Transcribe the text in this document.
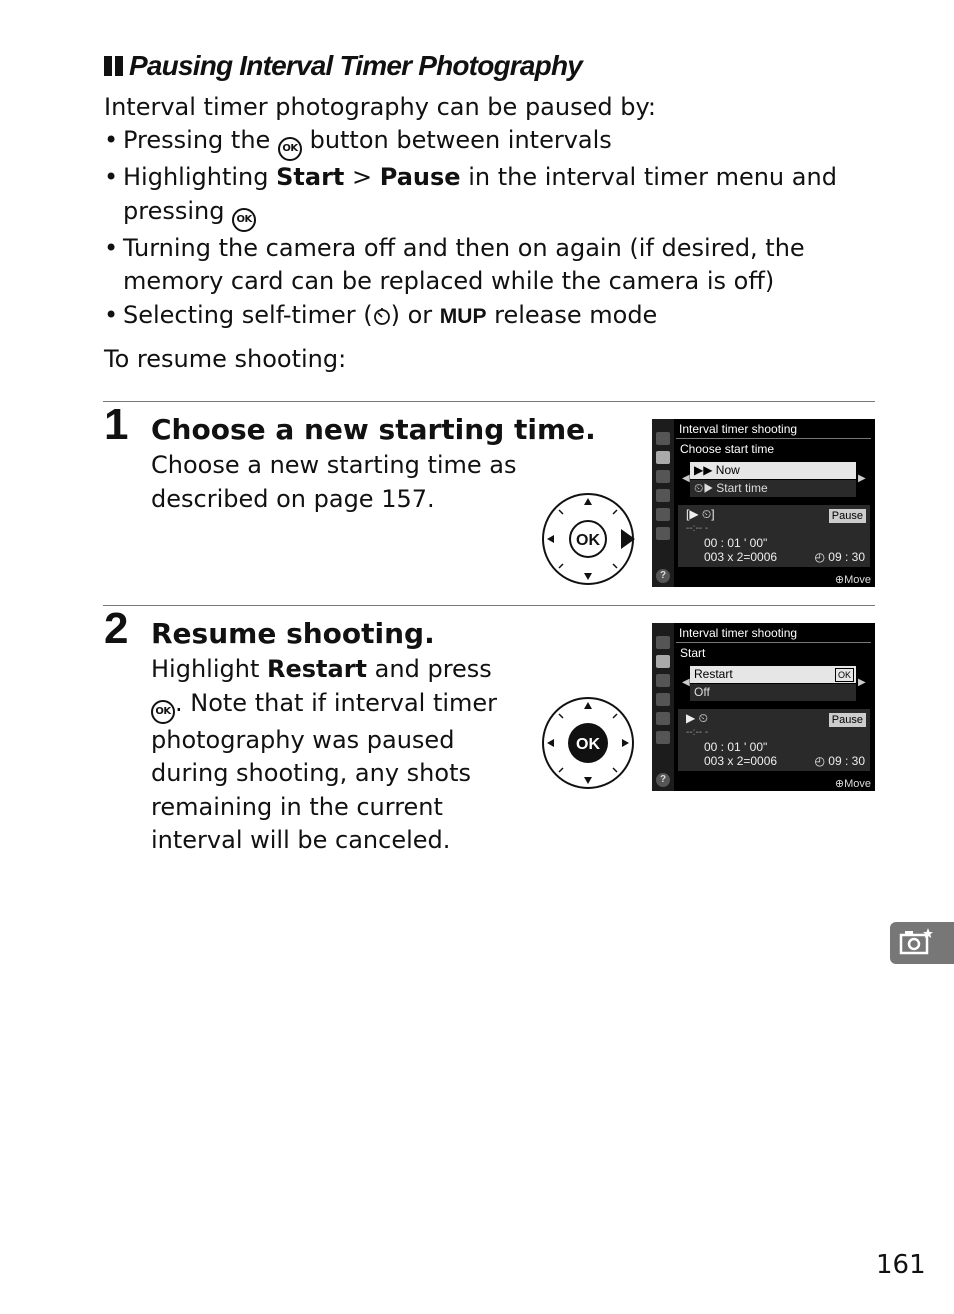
Pausing Interval Timer Photography
Interval timer photography can be paused by:
• Pressing the OK button between intervals
• Highlighting Start > Pause in the interval timer menu and pressing OK
• Turning the camera off and then on again (if desired, the memory card can be replaced while the camera is off)
• Selecting self-timer ( ) or MUP release mode
To resume shooting:
1 Choose a new starting time.
Choose a new starting time as described on page 157.
OK
?
Interval timer shooting
Choose start time
◀	▶
▶▶ Now
⏲▶ Start time
[▶ ⏲]	Pause
--:-- -
00 : 01 ' 00"
003 x 2=0006	◴ 09 : 30
⊕Move
2 Resume shooting.
Highlight Restart and press OK . Note that if interval timer photography was paused during shooting, any shots remaining in the current interval will be canceled.
OK
?
Interval timer shooting
Start
◀	▶
Restart	OK
Off
▶ ⏲	Pause
--:-- -
00 : 01 ' 00"
003 x 2=0006	◴ 09 : 30
⊕Move
161
